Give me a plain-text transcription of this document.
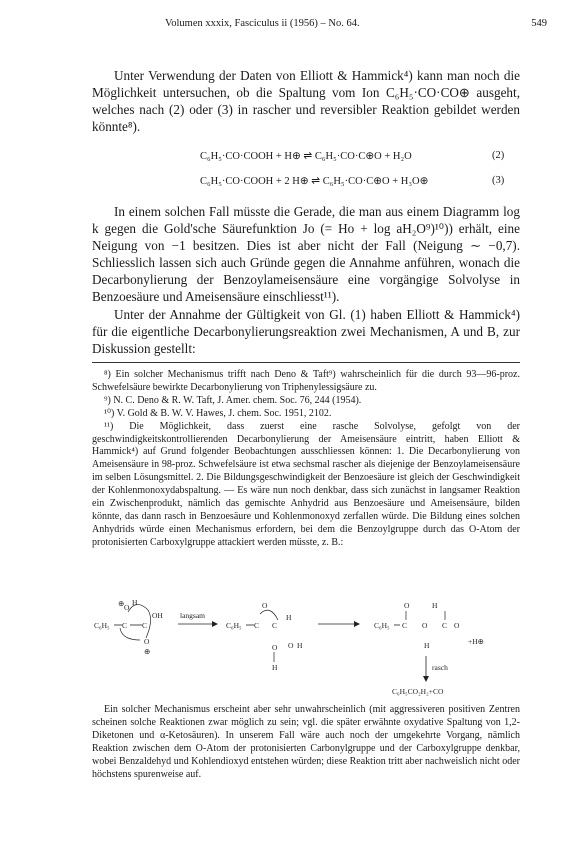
Volumen xxxix, Fasciculus ii (1956) – No. 64.	549
Unter Verwendung der Daten von Elliott & Hammick⁴) kann man noch die Möglichkeit untersuchen, ob die Spaltung vom Ion C₆H₅·CO·CO⊕ ausgeht, welches nach (2) oder (3) in rascher und reversibler Reaktion gebildet werden könnte⁸).
C₆H₅·CO·COOH + H⊕ ⇌ C₆H₅·CO·C⊕O + H₂O	(2)
C₆H₅·CO·COOH + 2 H⊕ ⇌ C₆H₅·CO·C⊕O + H₃O⊕	(3)
In einem solchen Fall müsste die Gerade, die man aus einem Diagramm log k gegen die Gold'sche Säurefunktion Jo (= Ho + log aH₂O⁹)¹⁰)) erhält, eine Neigung von −1 besitzen. Dies ist aber nicht der Fall (Neigung ∼ −0,7). Schliesslich lassen sich auch Gründe gegen die Annahme anführen, wonach die Decarbonylierung der Benzoylameisensäure eine vorgängige Solvolyse in Benzoesäure und Ameisensäure einschliesst¹¹).
Unter der Annahme der Gültigkeit von Gl. (1) haben Elliott & Hammick⁴) für die eigentliche Decarbonylierungsreaktion zwei Mechanismen, A und B, zur Diskussion gestellt:

⁸) Ein solcher Mechanismus trifft nach Deno & Taft⁹) wahrscheinlich für die durch 93—96-proz. Schwefelsäure bewirkte Decarbonylierung von Triphenylessigsäure zu.

⁹) N. C. Deno & R. W. Taft, J. Amer. chem. Soc. 76, 244 (1954).

¹⁰) V. Gold & B. W. V. Hawes, J. chem. Soc. 1951, 2102.

¹¹) Die Möglichkeit, dass zuerst eine rasche Solvolyse, gefolgt von der geschwindigkeitskontrollierenden Decarbonylierung der Ameisensäure eintritt, haben Elliott & Hammick⁴) auf Grund folgender Beobachtungen ausschliessen können: 1. Die Decarbonylierung von Ameisensäure in 98-proz. Schwefelsäure ist etwa sechsmal rascher als diejenige der Benzoylameisensäure im selben Lösungsmittel. 2. Die Bildungsgeschwindigkeit der Benzoesäure ist gleich der Geschwindigkeit der Kohlenmonoxydabspaltung. — Es wäre nun noch denkbar, dass sich zunächst in langsamer Reaktion ein Zwischenprodukt, nämlich das gemischte Anhydrid aus Benzoesäure und Ameisensäure, bilden könnte, das dann rasch in Benzoesäure und Kohlenmonoxyd zerfallen würde. Die Bildung eines solchen Anhydrids würde einen Mechanismus erfordern, bei dem die Benzoylgruppe durch das O-Atom der protonisierten Carboxylgruppe attackiert werden müsste, z. B.:

C₆H₅ C C
OH
O
⊕ H
O
⊕
langsam
C₆H₅ C C
O
H
O H
O
H
C₆H₅ C O C O
O	H
H	+H⊕
rasch
C₆H₅CO₂H₂+CO
Ein solcher Mechanismus erscheint aber sehr unwahrscheinlich (mit aggressiveren positiven Zentren scheinen solche Reaktionen zwar möglich zu sein; vgl. die später erwähnte oxydative Spaltung von 1,2-Diketonen und α-Ketosäuren). In unserem Fall wäre auch noch der umgekehrte Vorgang, nämlich Reaktion zwischen dem O-Atom der protonisierten Carbonylgruppe und der Carboxylgruppe denkbar, wobei Benzaldehyd und Kohlendioxyd entstehen würden; diese Reaktion tritt aber nachweislich nicht oder höchstens spurenweise auf.
